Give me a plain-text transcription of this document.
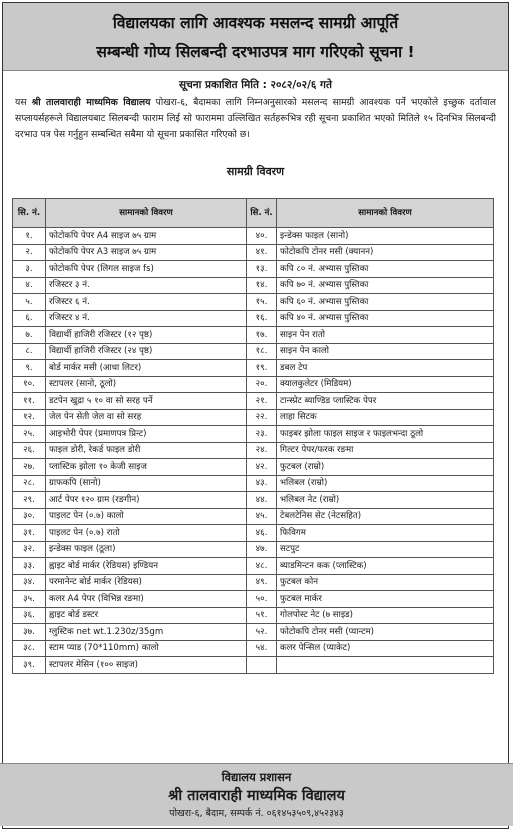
विद्यालयका लागि आवश्यक मसलन्द सामग्री आपूर्ति
सम्बन्धी गोप्य सिलबन्दी दरभाउपत्र माग गरिएको सूचना !
सूचना प्रकाशित मिति : २०८२/०२/६ गते
यस श्री तालवाराही माध्यमिक विद्यालय पोखरा-६, बैदामका लागि निम्नअनुसारको मसलन्द सामग्री आवश्यक पर्ने भएकोले इच्छुक दर्तावाल सप्लायर्सहरूले विद्यालयबाट सिलबन्दी फाराम लिई सो फाराममा उल्लिखित सर्तहरूभित्र रही सूचना प्रकाशित भएको मितिले १५ दिनभित्र सिलबन्दी दरभाउ पत्र पेस गर्नुहुन सम्बन्धित सबैमा यो सूचना प्रकासित गरिएको छ।
सामग्री विवरण
सि. नं.	सामानको विवरण	सि. नं.	सामानको विवरण
१.	फोटोकपि पेपर A4 साइज ७५ ग्राम	४०.	इन्डेक्स फाइल (सानो)
२.	फोटोकपि पेपर A3 साइज ७५ ग्राम	४१.	फोटोकपि टोनर मसी (क्यानन)
३.	फोटोकपि पेपर (लिगल साइज fs)	१३.	कपि ८० नं. अभ्यास पुस्तिका
४.	रजिस्टर ३ नं.	१४.	कपि ७० नं. अभ्यास पुस्तिका
५.	रजिस्टर ६ नं.	१५.	कपि ६० नं. अभ्यास पुस्तिका
६.	रजिस्टर ४ नं.	१६.	कपि ४० नं. अभ्यास पुस्तिका
७.	विद्यार्थी हाजिरी रजिस्टर (१२ पृष्ठ)	१७.	साइन पेन रातो
८.	विद्यार्थी हाजिरी रजिस्टर (२४ पृष्ठ)	१८.	साइन पेन कालो
९.	बोर्ड मार्कर मसी (आधा लिटर)	१९.	डबल टेप
१०.	स्टापलर (सानो, ठूलो)	२०.	क्यालकुलेटर (मिडियम)
११.	डटपेन खुद्रा ५ १० वा सो सरह पर्ने	२१.	टान्स्प्रेट ब्याण्डिड प्लास्टिक पेपर
१२.	जेल पेन सेती जेल वा सो सरह	२२.	लाहा सिटक
२५.	आइभोरी पेपर (प्रमाणपत्र प्रिन्ट)	२३.	फाइबर झोला फाइल साइज र फाइलभन्दा ठूलो
२६.	फाइल डोरी, रेकर्ड फाइल डोरी	२४.	गिल्टर पेपर/फरक रङमा
२७.	प्लास्टिक झोला १० केजी साइज	४२.	फुटबल (राम्रो)
२८.	ग्राफकपि (सानो)	४३.	भलिबल (राम्रो)
२९.	आर्ट पेपर १२० ग्राम (रङगीन)	४४.	भलिबल नेट (राम्रो)
३०.	पाइलट पेन (०.७) कालो	४५.	टेबलटेनिस सेट (नेटसहित)
३१.	पाइलट पेन (०.७) रातो	४६.	फिविगम
३२.	इन्डेक्स फाइल (ठूला)	४७.	सटपुट
३३.	ह्वाइट बोर्ड मार्कर (रेडियस) इण्डियन	४८.	ब्याडमिन्टन कक (प्लास्टिक)
३४.	परमानेन्ट बोर्ड मार्कर (रेडियस)	४९.	फुटबल कोन
३५.	कलर A4 पेपर (विभिन्न रङमा)	५०.	फुटबल मार्कर
३६.	ह्वाइट बोर्ड डस्टर	५१.	गोलपोस्ट नेट (७ साइड)
३७.	ग्लुस्टिक net wt.1.230z/35gm	५२.	फोटोकपि टोनर मसी (प्यान्टम)
३८.	स्टाम प्याड (70*110mm) कालो	५४.	कलर पेन्सिल (प्याकेट)
३९.	स्टापलर मेसिन (१०० साइज)		
विद्यालय प्रशासन
श्री तालवाराही माध्यमिक विद्यालय
पोखरा-६, बैदाम, सम्पर्क नं. ०६१४५३५०९,४५२३४३
